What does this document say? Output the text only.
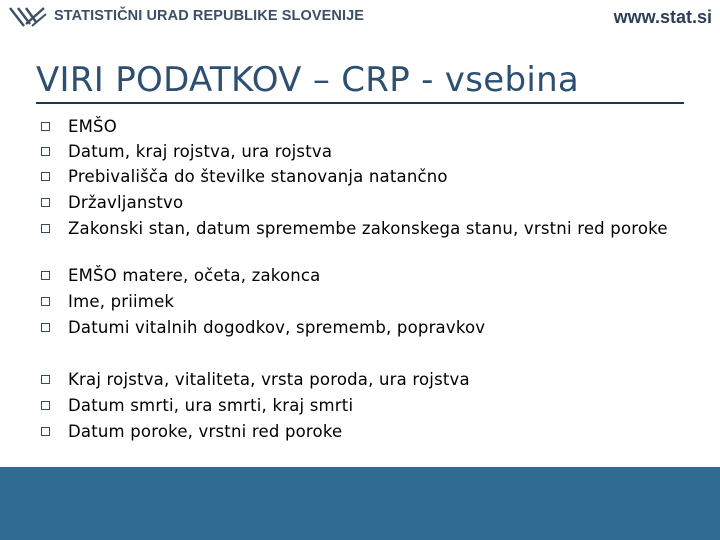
STATISTIČNI URAD REPUBLIKE SLOVENIJE	www.stat.si
VIRI PODATKOV – CRP - vsebina
EMŠO
Datum, kraj rojstva, ura rojstva
Prebivališča do številke stanovanja natančno
Državljanstvo
Zakonski stan, datum spremembe zakonskega stanu, vrstni red poroke
EMŠO matere, očeta, zakonca
Ime, priimek
Datumi vitalnih dogodkov, sprememb, popravkov
Kraj rojstva, vitaliteta, vrsta poroda, ura rojstva
Datum smrti, ura smrti, kraj smrti
Datum poroke, vrstni red poroke
